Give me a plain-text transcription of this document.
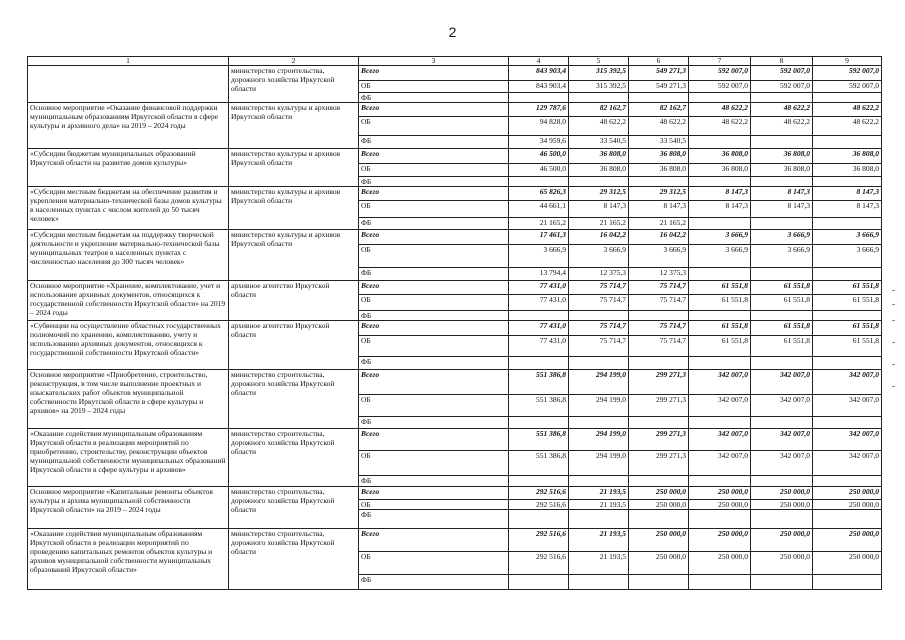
2
1	2	3	4	5	6	7	8	9
	министерство строительства, дорожного хозяйства Иркутской области	Всего	843 903,4	315 392,5	549 271,3	592 007,0	592 007,0	592 007,0
		ОБ	843 903,4	315 392,5	549 271,3	592 007,0	592 007,0	592 007,0
		ФБ						
Основное мероприятие «Оказание финансовой поддержки муниципальным образованиям Иркутской области в сфере культуры и архивного дела» на 2019 – 2024 годы	министерство культуры и архивов Иркутской области	Всего	129 787,6	82 162,7	82 162,7	48 622,2	48 622,2	48 622,2
		ОБ	94 828,0	48 622,2	48 622,2	48 622,2	48 622,2	48 622,2
		ФБ	34 959,6	33 540,5	33 540,5			
«Субсидии бюджетам муниципальных образований Иркутской области на развитие домов культуры»	министерство культуры и архивов Иркутской области	Всего	46 500,0	36 808,0	36 808,0	36 808,0	36 808,0	36 808,0
		ОБ	46 500,0	36 808,0	36 808,0	36 808,0	36 808,0	36 808,0
		ФБ						
«Субсидии местным бюджетам на обеспечение развития и укрепления материально-технической базы домов культуры в населенных пунктах с числом жителей до 50 тысяч человек»	министерство культуры и архивов Иркутской области	Всего	65 826,3	29 312,5	29 312,5	8 147,3	8 147,3	8 147,3
		ОБ	44 661,1	8 147,3	8 147,3	8 147,3	8 147,3	8 147,3
		ФБ	21 165,2	21 165,2	21 165,2			
«Субсидии местным бюджетам на поддержку творческой деятельности и укрепление материально-технической базы муниципальных театров в населенных пунктах с численностью населения до 300 тысяч человек»	министерство культуры и архивов Иркутской области	Всего	17 461,3	16 042,2	16 042,2	3 666,9	3 666,9	3 666,9
		ОБ	3 666,9	3 666,9	3 666,9	3 666,9	3 666,9	3 666,9
		ФБ	13 794,4	12 375,3	12 375,3			
Основное мероприятие «Хранение, комплектование, учет и использование архивных документов, относящихся к государственной собственности Иркутской области» на 2019 – 2024 годы	архивное агентство Иркутской области	Всего	77 431,0	75 714,7	75 714,7	61 551,8	61 551,8	61 551,8
		ОБ	77 431,0	75 714,7	75 714,7	61 551,8	61 551,8	61 551,8
		ФБ						
«Субвенции на осуществление областных государственных полномочий по хранению, комплектованию, учету и использованию архивных документов, относящихся к государственной собственности Иркутской области»	архивное агентство Иркутской области	Всего	77 431,0	75 714,7	75 714,7	61 551,8	61 551,8	61 551,8
		ОБ	77 431,0	75 714,7	75 714,7	61 551,8	61 551,8	61 551,8
		ФБ						
Основное мероприятие «Приобретение, строительство, реконструкция, в том числе выполнение проектных и изыскательских работ объектов муниципальной собственности Иркутской области в сфере культуры и архивов» на 2019 – 2024 годы	министерство строительства, дорожного хозяйства Иркутской области	Всего	551 386,8	294 199,0	299 271,3	342 007,0	342 007,0	342 007,0
		ОБ	551 386,8	294 199,0	299 271,3	342 007,0	342 007,0	342 007,0
		ФБ						
«Оказание содействия муниципальным образованиям Иркутской области в реализации мероприятий по приобретению, строительству, реконструкции объектов муниципальной собственности муниципальных образований Иркутской области в сфере культуры и архивов»	министерство строительства, дорожного хозяйства Иркутской области	Всего	551 386,8	294 199,0	299 271,3	342 007,0	342 007,0	342 007,0
		ОБ	551 386,8	294 199,0	299 271,3	342 007,0	342 007,0	342 007,0
		ФБ						
Основное мероприятие «Капитальные ремонты объектов культуры и архива муниципальной собственности Иркутской области» на 2019 – 2024 годы	министерство строительства, дорожного хозяйства Иркутской области	Всего	292 516,6	21 193,5	250 000,0	250 000,0	250 000,0	250 000,0
		ОБ	292 516,6	21 193,5	250 000,0	250 000,0	250 000,0	250 000,0
		ФБ						
«Оказание содействия муниципальным образованиям Иркутской области в реализации мероприятий по проведению капитальных ремонтов объектов культуры и архивов муниципальной собственности муниципальных образований Иркутской области»	министерство строительства, дорожного хозяйства Иркутской области	Всего	292 516,6	21 193,5	250 000,0	250 000,0	250 000,0	250 000,0
		ОБ	292 516,6	21 193,5	250 000,0	250 000,0	250 000,0	250 000,0
		ФБ						
